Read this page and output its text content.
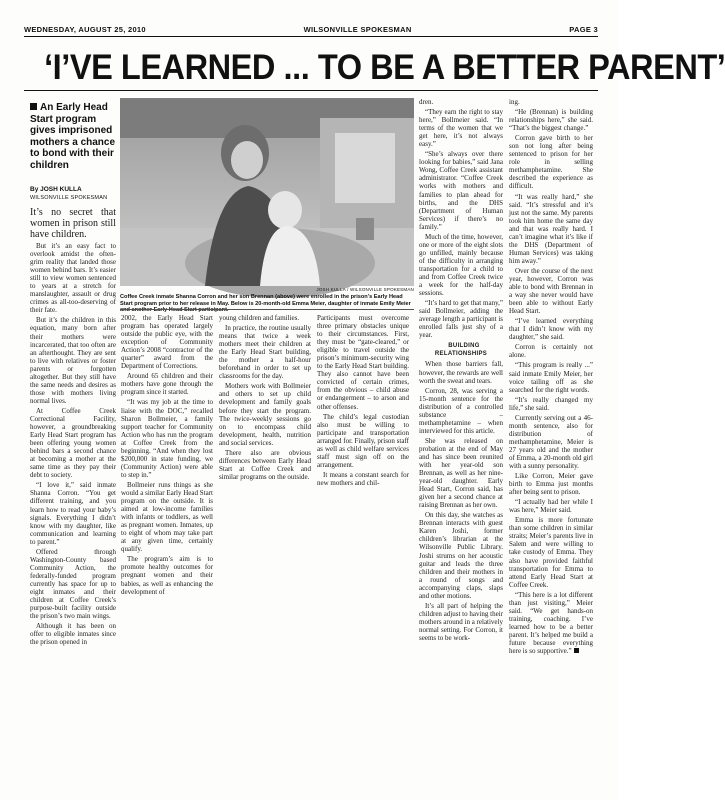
WEDNESDAY, AUGUST 25, 2010	WILSONVILLE SPOKESMAN	PAGE 3
‘I’VE LEARNED ... TO BE A BETTER PARENT’
An Early Head Start program gives imprisoned mothers a chance to bond with their children
By JOSH KULLA
WILSONVILLE SPOKESMAN
JOSH KULLA / WILSONVILLE SPOKESMAN
Coffee Creek inmate Shanna Corron and her son Brennan (above) were enrolled in the prison’s Early Head Start program prior to her release in May. Below is 20-month-old Emma Meier, daughter of inmate Emily Meier and another Early Head Start participant.

It’s no secret that women in prison still have children.

But it’s an easy fact to overlook amidst the often-grim reality that landed those women behind bars. It’s easier still to view women sentenced to years at a stretch for manslaughter, assault or drug crimes as all-too-deserving of their fate.

But it’s the children in this equation, many born after their mothers were incarcerated, that too often are an afterthought. They are sent to live with relatives or foster parents or forgotten altogether. But they still have the same needs and desires as those with mothers living normal lives.

At Coffee Creek Correctional Facility, however, a groundbreaking Early Head Start program has been offering young women behind bars a second chance at becoming a mother at the same time as they pay their debt to society.

“I love it,” said inmate Shanna Corron. “You get different training, and you learn how to read your baby’s signals. Everything I didn’t know with my daughter, like communication and learning to parent.”

Offered through Washington-County based Community Action, the federally-funded program currently has space for up to eight inmates and their children at Coffee Creek’s purpose-built facility outside the prison’s two main wings.

Although it has been on offer to eligible inmates since the prison opened in

2002, the Early Head Start program has operated largely outside the public eye, with the exception of Community Action’s 2008 “contractor of the quarter” award from the Department of Corrections.

Around 65 children and their mothers have gone through the program since it started.

“It was my job at the time to liaise with the DOC,” recalled Sharon Bollmeier, a family support teacher for Community Action who has run the program at Coffee Creek from the beginning. “And when they lost $200,000 in state funding, we (Community Action) were able to step in.”

Bollmeier runs things as she would a similar Early Head Start program on the outside. It is aimed at low-income families with infants or toddlers, as well as pregnant women. Inmates, up to eight of whom may take part at any given time, certainly qualify.

The program’s aim is to promote healthy outcomes for pregnant women and their babies, as well as enhancing the development of

young children and families.

In practice, the routine usually means that twice a week mothers meet their children at the Early Head Start building, the mother a half-hour beforehand in order to set up classrooms for the day.

Mothers work with Bollmeier and others to set up child development and family goals before they start the program. The twice-weekly sessions go on to encompass child development, health, nutrition and social services.

There also are obvious differences between Early Head Start at Coffee Creek and similar programs on the outside.

Participants must overcome three primary obstacles unique to their circumstances. First, they must be “gate-cleared,” or eligible to travel outside the prison’s minimum-security wing to the Early Head Start building. They also cannot have been convicted of certain crimes, from the obvious – child abuse or endangerment – to arson and other offenses.

The child’s legal custodian also must be willing to participate and transportation arranged for. Finally, prison staff as well as child welfare services staff must sign off on the arrangement.

It means a constant search for new mothers and chil-

dren.

“They earn the right to stay here,” Bollmeier said. “In terms of the women that we get here, it’s not always easy.”

“She’s always over there looking for babies,” said Jana Wong, Coffee Creek assistant administrator. “Coffee Creek works with mothers and families to plan ahead for births, and the DHS (Department of Human Services) if there’s no family.”

Much of the time, however, one or more of the eight slots go unfilled, mainly because of the difficulty in arranging transportation for a child to and from Coffee Creek twice a week for the half-day sessions.

“It’s hard to get that many,” said Bollmeier, adding the average length a participant is enrolled falls just shy of a year.

BUILDING RELATIONSHIPS

When those barriers fall, however, the rewards are well worth the sweat and tears.

Corron, 28, was serving a 15-month sentence for the distribution of a controlled substance – methamphetamine – when interviewed for this article.

She was released on probation at the end of May and has since been reunited with her year-old son Brennan, as well as her nine-year-old daughter. Early Head Start, Corron said, has given her a second chance at raising Brennan as her own.

On this day, she watches as Brennan interacts with guest Karen Joshi, former children’s librarian at the Wilsonville Public Library. Joshi strums on her acoustic guitar and leads the three children and their mothers in a round of songs and accompanying claps, slaps and other motions.

It’s all part of helping the children adjust to having their mothers around in a relatively normal setting. For Corron, it seems to be work-

ing.

“He (Brennan) is building relationships here,” she said. “That’s the biggest change.”

Corron gave birth to her son not long after being sentenced to prison for her role in selling methamphetamine. She described the experience as difficult.

“It was really hard,” she said. “It’s stressful and it’s just not the same. My parents took him home the same day and that was really hard. I can’t imagine what it’s like if the DHS (Department of Human Services) was taking him away.”

Over the course of the next year, however, Corron was able to bond with Brennan in a way she never would have been able to without Early Head Start.

“I’ve learned everything that I didn’t know with my daughter,” she said.

Corron is certainly not alone.

“This program is really ...” said inmate Emily Meier, her voice tailing off as she searched for the right words.

“It’s really changed my life,” she said.

Currently serving out a 46-month sentence, also for distribution of methamphetamine, Meier is 27 years old and the mother of Emma, a 20-month old girl with a sunny personality.

Like Corron, Meier gave birth to Emma just months after being sent to prison.

“I actually had her while I was here,” Meier said.

Emma is more fortunate than some children in similar straits; Meier’s parents live in Salem and were willing to take custody of Emma. They also have provided faithful transportation for Emma to attend Early Head Start at Coffee Creek.

“This here is a lot different than just visiting,” Meier said. “We get hands-on training, coaching. I’ve learned how to be a better parent. It’s helped me build a future because everything here is so supportive.”
